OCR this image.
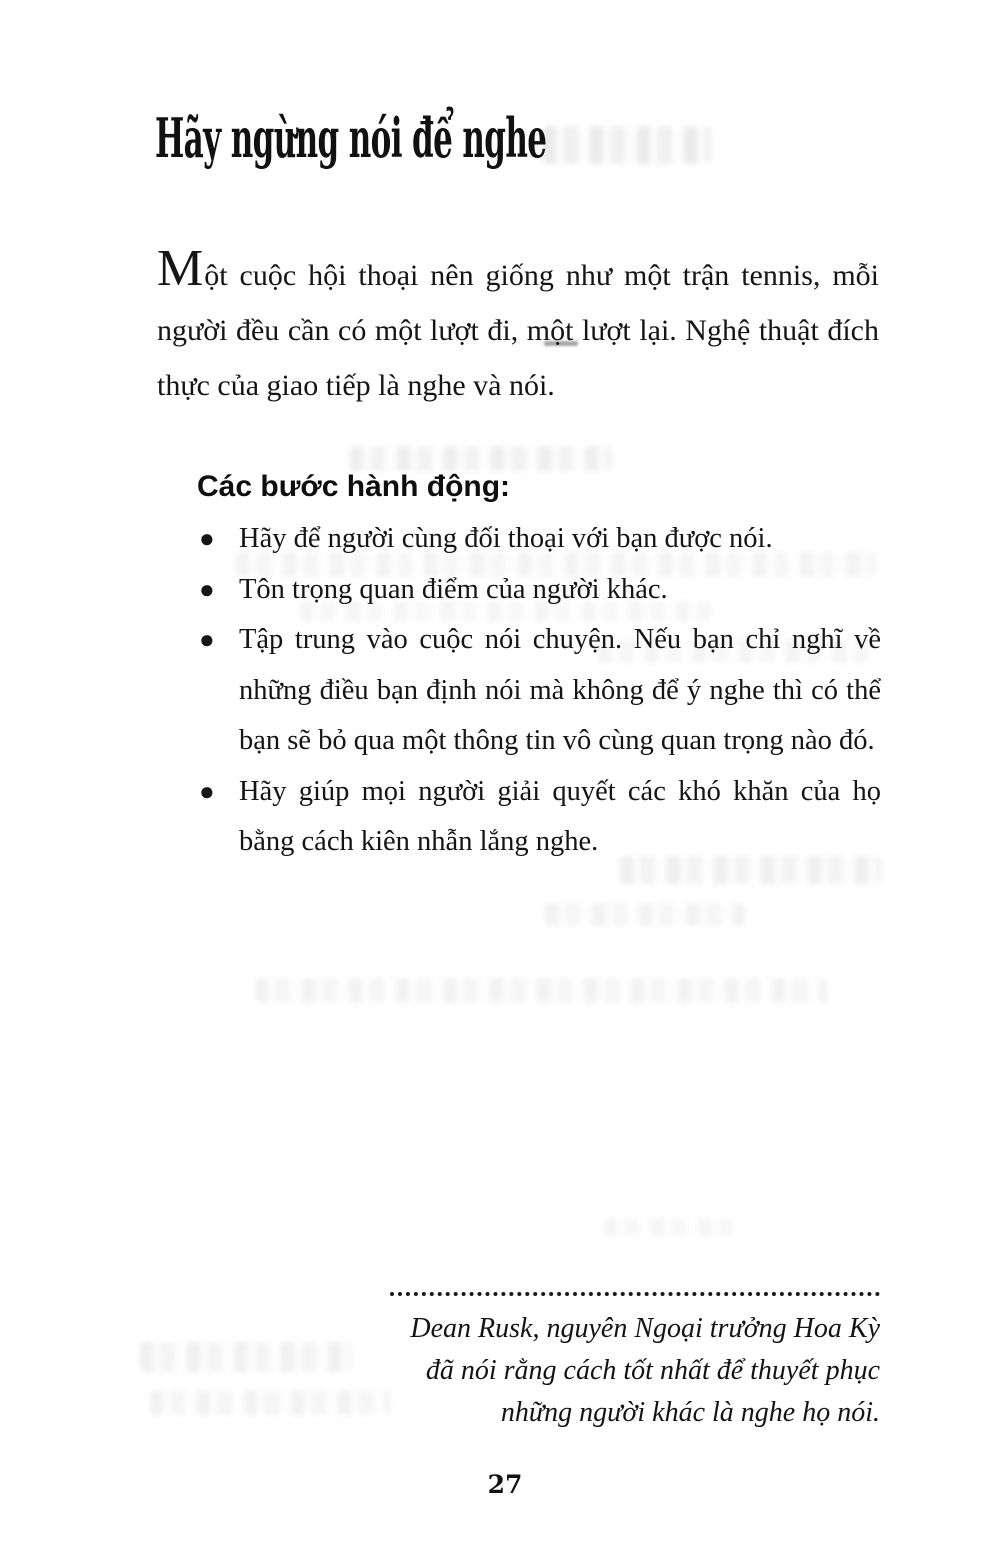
Hãy ngừng nói để nghe

Một cuộc hội thoại nên giống như một trận tennis, mỗi người đều cần có một lượt đi, một lượt lại. Nghệ thuật đích thực của giao tiếp là nghe và nói.

Các bước hành động:
● Hãy để người cùng đối thoại với bạn được nói.
● Tôn trọng quan điểm của người khác.
● Tập trung vào cuộc nói chuyện. Nếu bạn chỉ nghĩ về những điều bạn định nói mà không để ý nghe thì có thể bạn sẽ bỏ qua một thông tin vô cùng quan trọng nào đó.
● Hãy giúp mọi người giải quyết các khó khăn của họ bằng cách kiên nhẫn lắng nghe.
Dean Rusk, nguyên Ngoại trưởng Hoa Kỳ
đã nói rằng cách tốt nhất để thuyết phục
những người khác là nghe họ nói.
27
